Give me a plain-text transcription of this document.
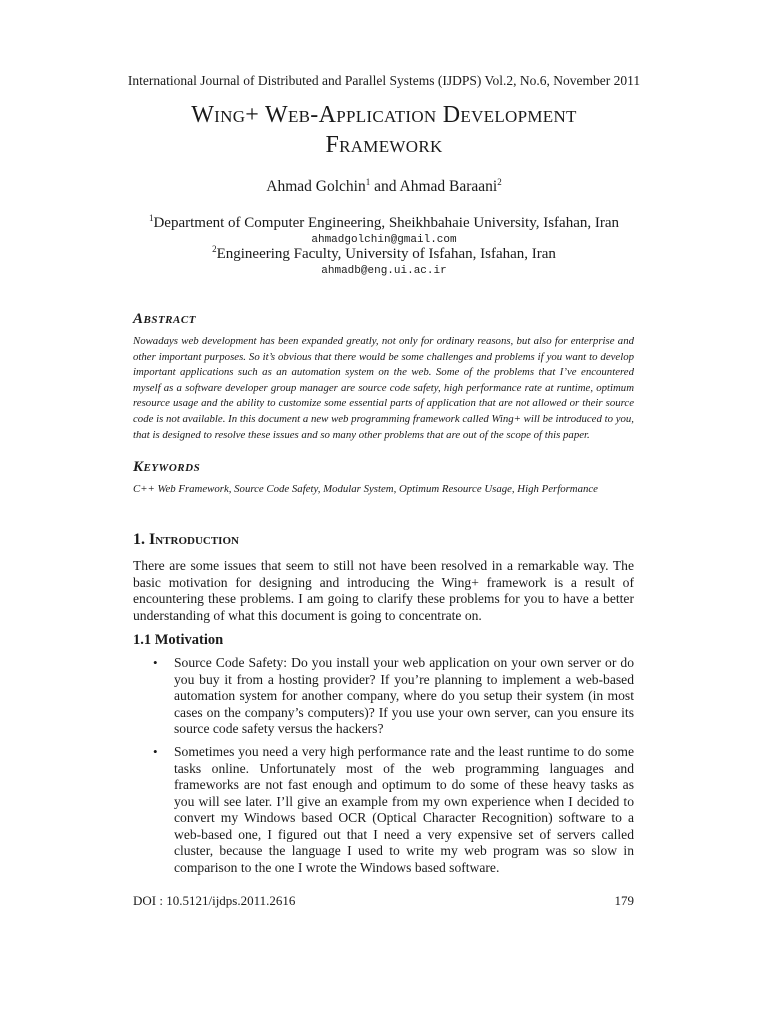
International Journal of Distributed and Parallel Systems (IJDPS) Vol.2, No.6, November 2011
Wing+ Web-Application Development
Framework
Ahmad Golchin$^1$ and Ahmad Baraani$^2$
$^1$Department of Computer Engineering, Sheikhbahaie University, Isfahan, Iran
ahmadgolchin@gmail.com
$^2$Engineering Faculty, University of Isfahan, Isfahan, Iran
ahmadb@eng.ui.ac.ir
Abstract
Nowadays web development has been expanded greatly, not only for ordinary reasons, but also for enterprise and other important purposes. So it’s obvious that there would be some challenges and problems if you want to develop important applications such as an automation system on the web. Some of the problems that I’ve encountered myself as a software developer group manager are source code safety, high performance rate at runtime, optimum resource usage and the ability to customize some essential parts of application that are not allowed or their source code is not available. In this document a new web programming framework called Wing+ will be introduced to you, that is designed to resolve these issues and so many other problems that are out of the scope of this paper.
Keywords
C++ Web Framework, Source Code Safety, Modular System, Optimum Resource Usage, High Performance
1. Introduction
There are some issues that seem to still not have been resolved in a remarkable way. The basic motivation for designing and introducing the Wing+ framework is a result of encountering these problems. I am going to clarify these problems for you to have a better understanding of what this document is going to concentrate on.
1.1 Motivation
• Source Code Safety: Do you install your web application on your own server or do you buy it from a hosting provider? If you’re planning to implement a web-based automation system for another company, where do you setup their system (in most cases on the company’s computers)? If you use your own server, can you ensure its source code safety versus the hackers?
• Sometimes you need a very high performance rate and the least runtime to do some tasks online. Unfortunately most of the web programming languages and frameworks are not fast enough and optimum to do some of these heavy tasks as you will see later. I’ll give an example from my own experience when I decided to convert my Windows based OCR (Optical Character Recognition) software to a web-based one, I figured out that I need a very expensive set of servers called cluster, because the language I used to write my web program was so slow in comparison to the one I wrote the Windows based software.
DOI : 10.5121/ijdps.2011.2616	179
